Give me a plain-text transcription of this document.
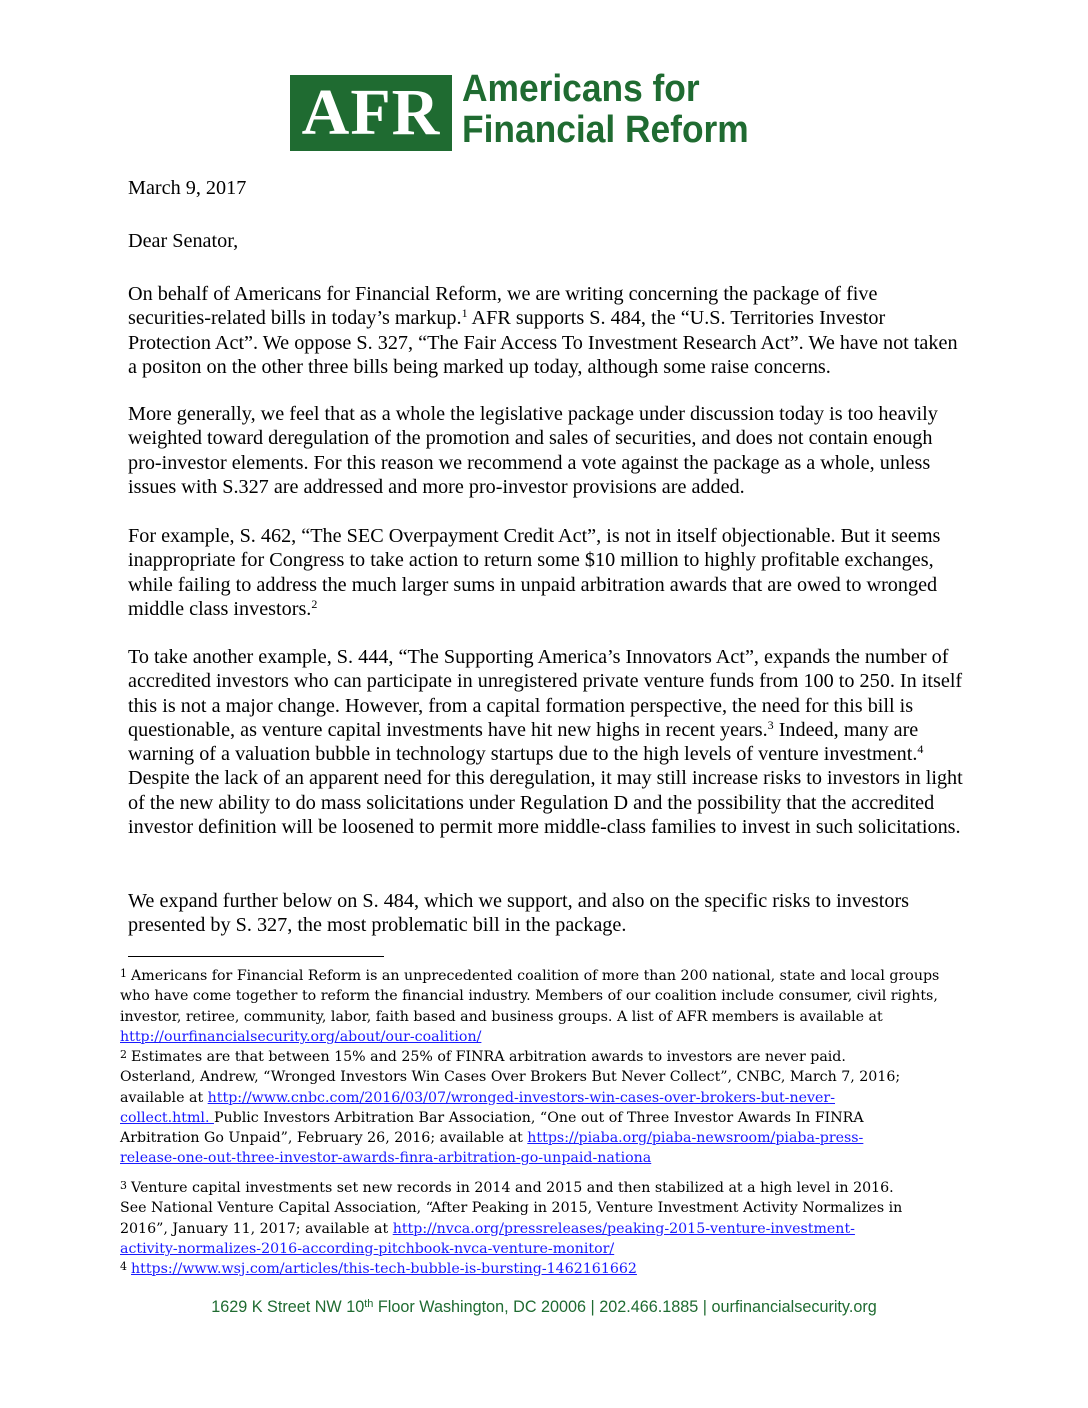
AFR Americans for
Financial Reform
March 9, 2017
Dear Senator,
On behalf of Americans for Financial Reform, we are writing concerning the package of five securities-related bills in today’s markup.$^1$ AFR supports S. 484, the “U.S. Territories Investor Protection Act”. We oppose S. 327, “The Fair Access To Investment Research Act”. We have not taken a positon on the other three bills being marked up today, although some raise concerns.
More generally, we feel that as a whole the legislative package under discussion today is too heavily weighted toward deregulation of the promotion and sales of securities, and does not contain enough pro-investor elements. For this reason we recommend a vote against the package as a whole, unless issues with S.327 are addressed and more pro-investor provisions are added.
For example, S. 462, “The SEC Overpayment Credit Act”, is not in itself objectionable. But it seems inappropriate for Congress to take action to return some $10 million to highly profitable exchanges, while failing to address the much larger sums in unpaid arbitration awards that are owed to wronged middle class investors.$^2$
To take another example, S. 444, “The Supporting America’s Innovators Act”, expands the number of accredited investors who can participate in unregistered private venture funds from 100 to 250. In itself this is not a major change. However, from a capital formation perspective, the need for this bill is questionable, as venture capital investments have hit new highs in recent years.$^3$ Indeed, many are warning of a valuation bubble in technology startups due to the high levels of venture investment.$^4$ Despite the lack of an apparent need for this deregulation, it may still increase risks to investors in light of the new ability to do mass solicitations under Regulation D and the possibility that the accredited investor definition will be loosened to permit more middle-class families to invest in such solicitations.
We expand further below on S. 484, which we support, and also on the specific risks to investors presented by S. 327, the most problematic bill in the package.
$^1$ Americans for Financial Reform is an unprecedented coalition of more than 200 national, state and local groups
who have come together to reform the financial industry. Members of our coalition include consumer, civil rights,
investor, retiree, community, labor, faith based and business groups. A list of AFR members is available at
http://ourfinancialsecurity.org/about/our-coalition/
$^2$ Estimates are that between 15% and 25% of FINRA arbitration awards to investors are never paid.
Osterland, Andrew, “Wronged Investors Win Cases Over Brokers But Never Collect”, CNBC, March 7, 2016;
available at http://www.cnbc.com/2016/03/07/wronged-investors-win-cases-over-brokers-but-never-
collect.html. Public Investors Arbitration Bar Association, “One out of Three Investor Awards In FINRA
Arbitration Go Unpaid”, February 26, 2016; available at https://piaba.org/piaba-newsroom/piaba-press-
release-one-out-three-investor-awards-finra-arbitration-go-unpaid-nationa
$^3$ Venture capital investments set new records in 2014 and 2015 and then stabilized at a high level in 2016.
See National Venture Capital Association, “After Peaking in 2015, Venture Investment Activity Normalizes in
2016”, January 11, 2017; available at http://nvca.org/pressreleases/peaking-2015-venture-investment-
activity-normalizes-2016-according-pitchbook-nvca-venture-monitor/
$^4$ https://www.wsj.com/articles/this-tech-bubble-is-bursting-1462161662
1629 K Street NW 10th Floor Washington, DC 20006 | 202.466.1885 | ourfinancialsecurity.org
